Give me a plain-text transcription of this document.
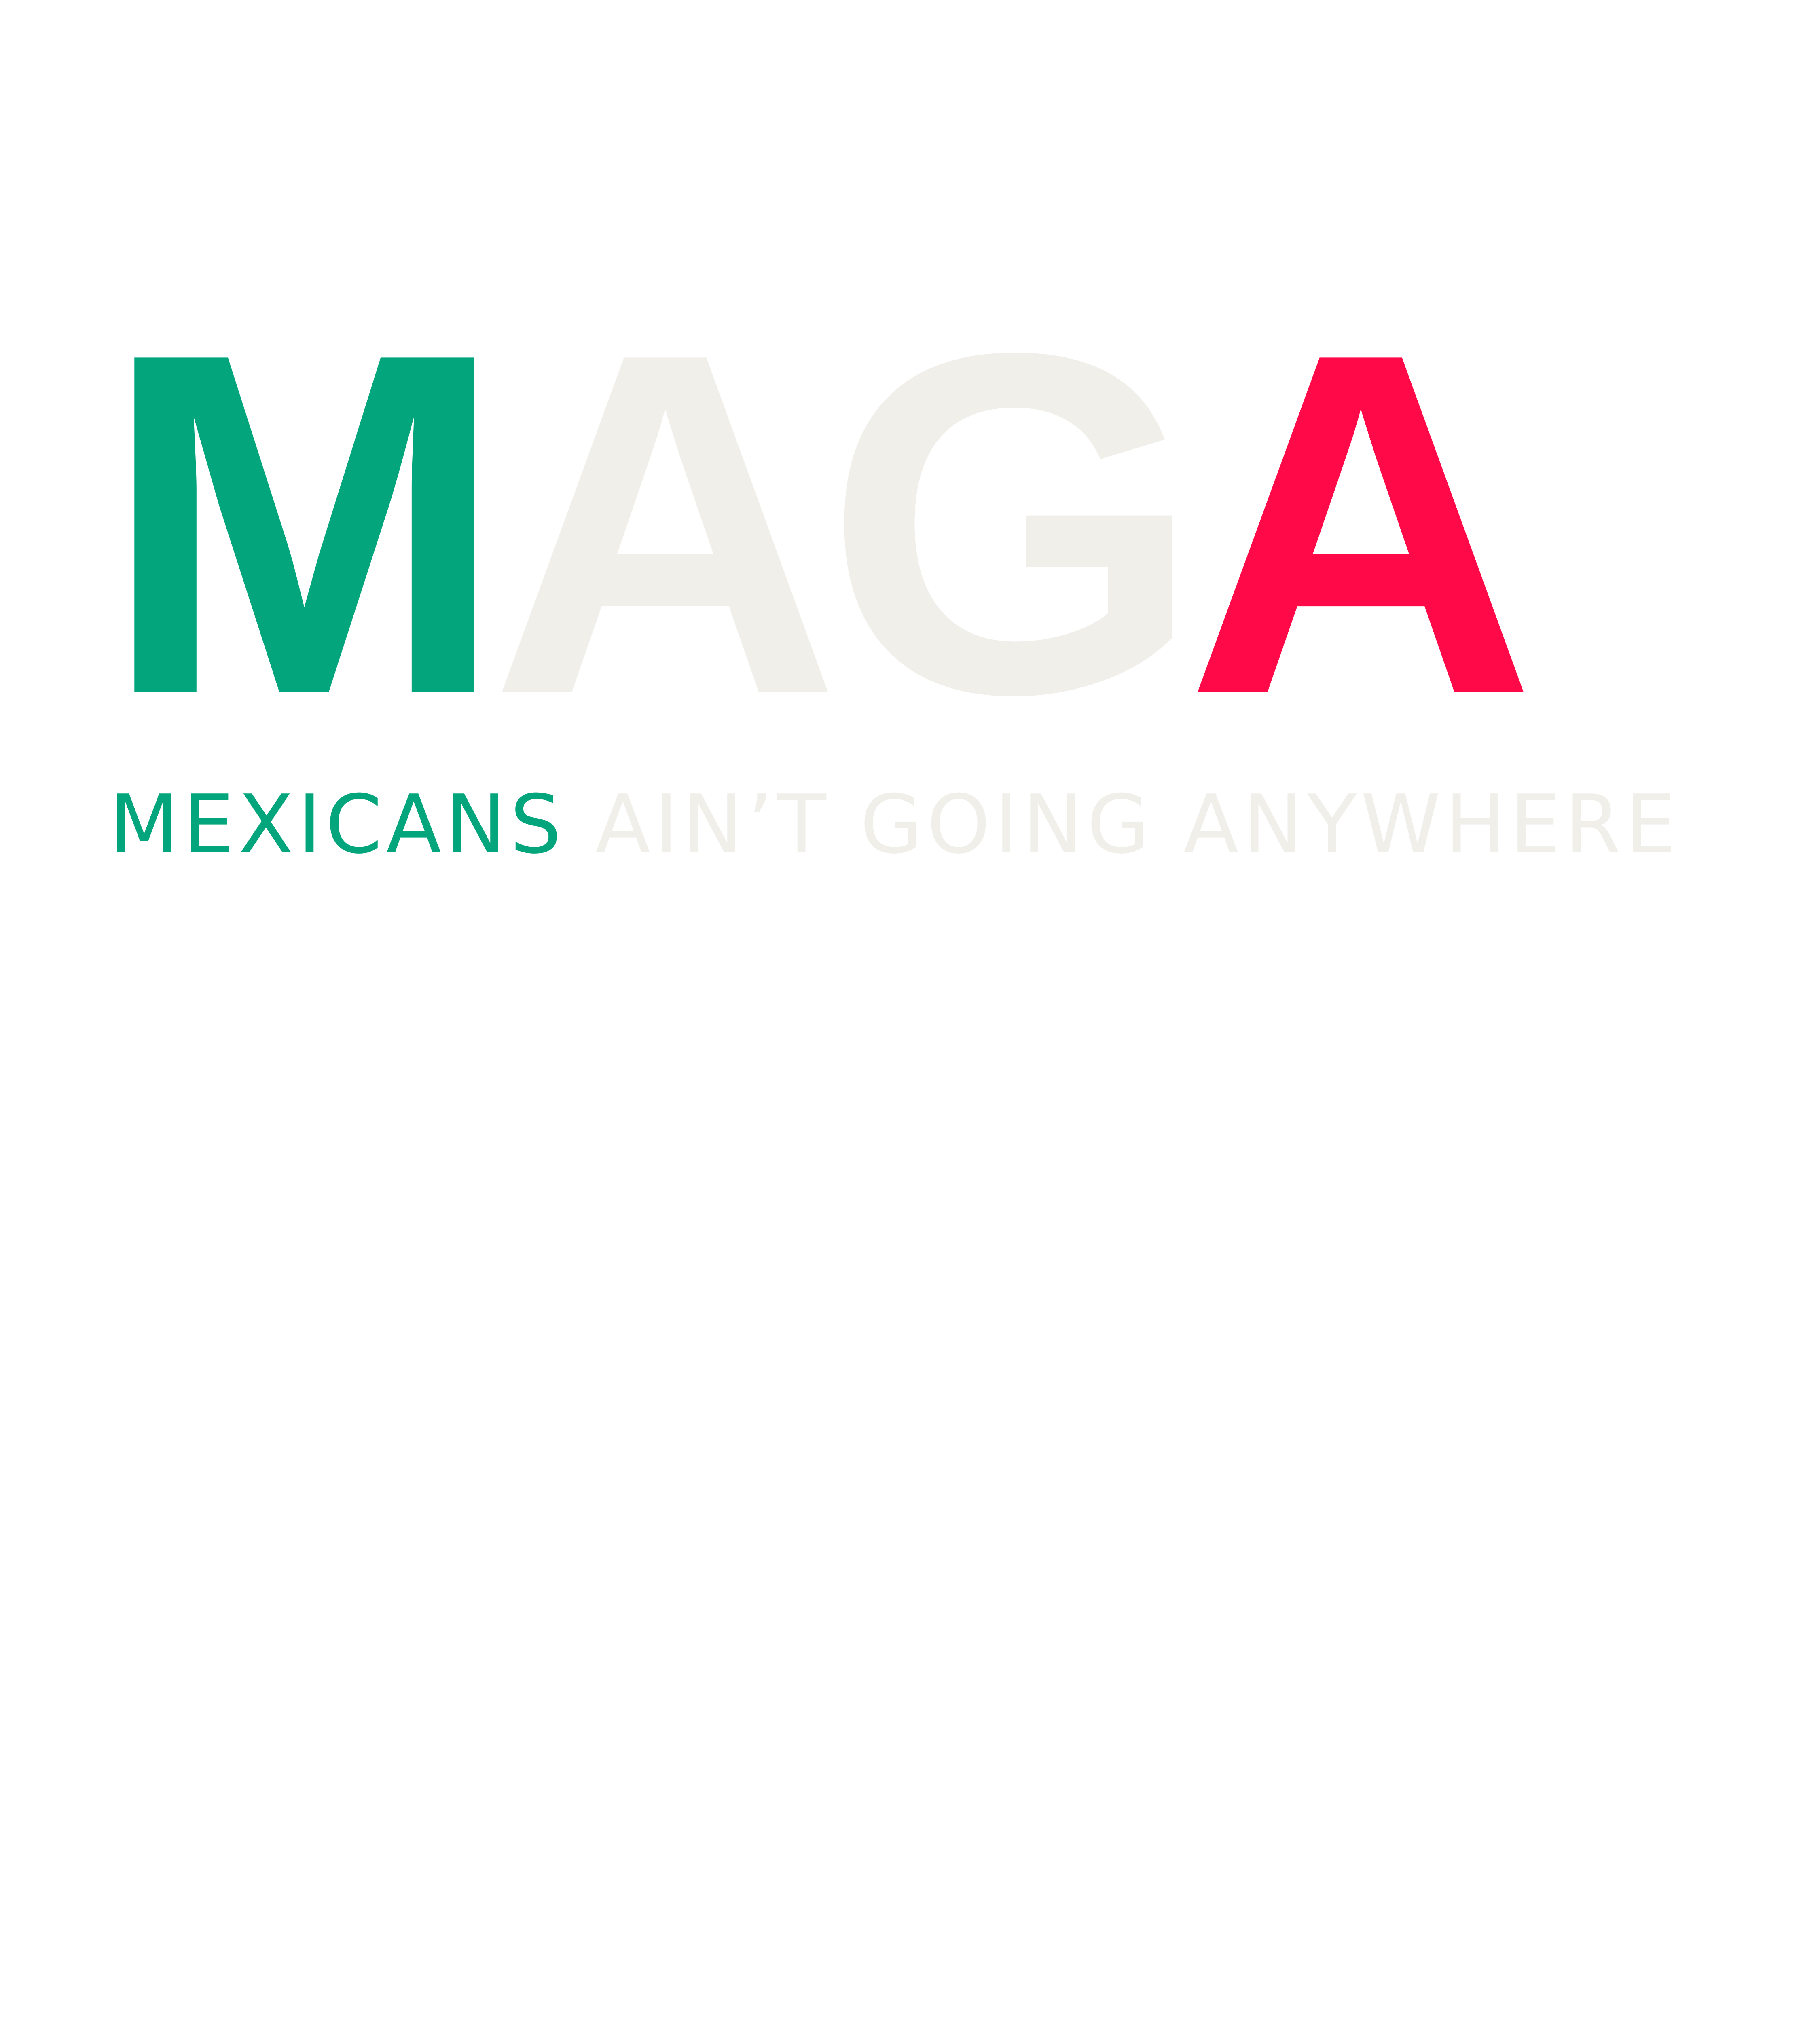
MAGA
MEXICANS AIN’T GOING ANYWHERE
